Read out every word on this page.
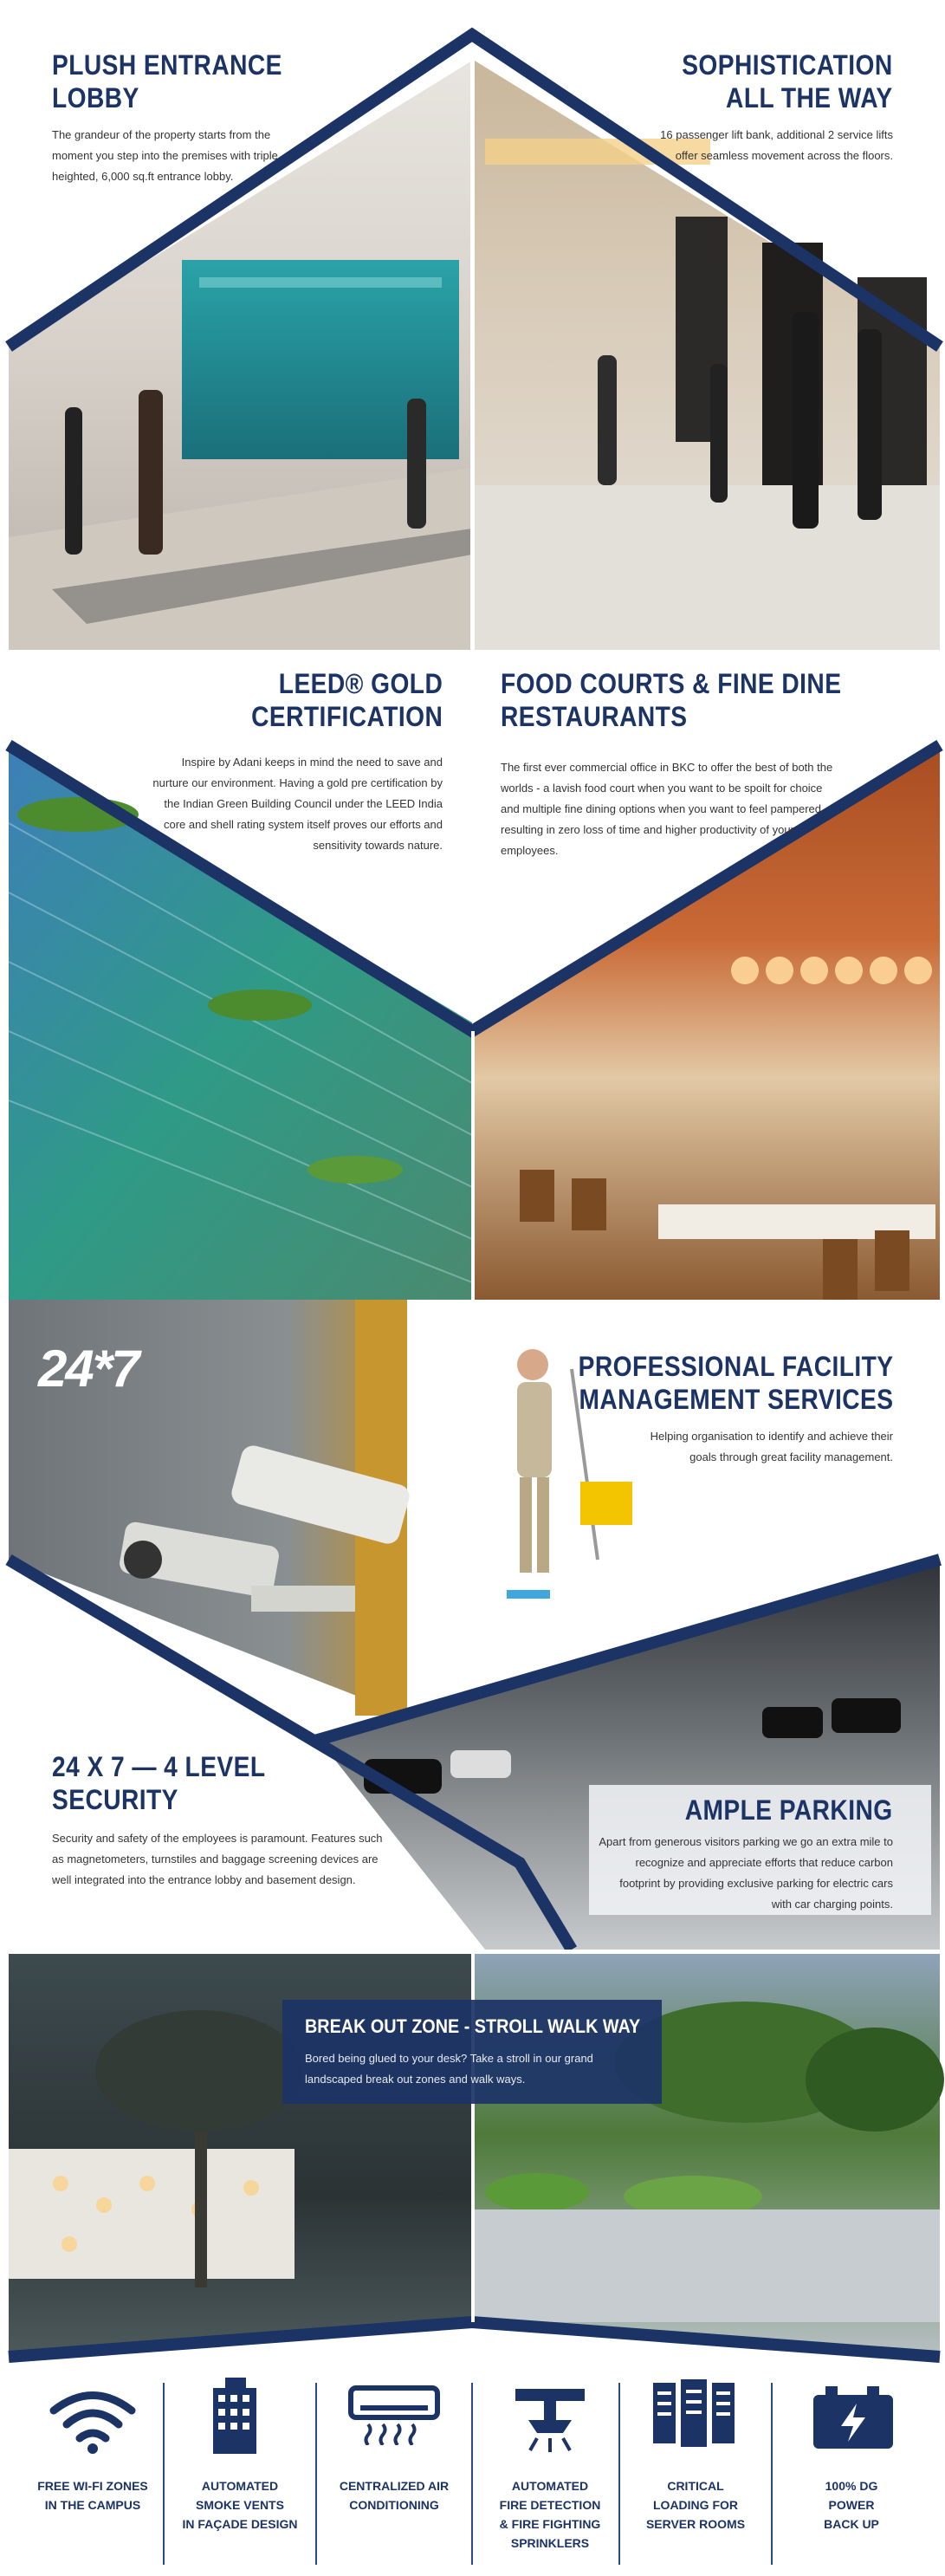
PLUSH ENTRANCE
LOBBY
The grandeur of the property starts from the moment you step into the premises with triple heighted, 6,000 sq.ft entrance lobby.
SOPHISTICATION
ALL THE WAY
16 passenger lift bank, additional 2 service lifts offer seamless movement across the floors.
LEED® GOLD
CERTIFICATION
Inspire by Adani keeps in mind the need to save and nurture our environment. Having a gold pre certification by the Indian Green Building Council under the LEED India core and shell rating system itself proves our efforts and sensitivity towards nature.
FOOD COURTS & FINE DINE
RESTAURANTS
The first ever commercial office in BKC to offer the best of both the worlds - a lavish food court when you want to be spoilt for choice and multiple fine dining options when you want to feel pampered, resulting in zero loss of time and higher productivity of your employees.
24*7	PROFESSIONAL FACILITY
MANAGEMENT SERVICES
Helping organisation to identify and achieve their goals through great facility management.
24 X 7 — 4 LEVEL
SECURITY
Security and safety of the employees is paramount. Features such as magnetometers, turnstiles and baggage screening devices are well integrated into the entrance lobby and basement design.
AMPLE PARKING
Apart from generous visitors parking we go an extra mile to recognize and appreciate efforts that reduce carbon footprint by providing exclusive parking for electric cars with car charging points.
BREAK OUT ZONE - STROLL WALK WAY
Bored being glued to your desk? Take a stroll in our grand landscaped break out zones and walk ways.
FREE WI-FI ZONES
IN THE CAMPUS
AUTOMATED
SMOKE VENTS
IN FAÇADE DESIGN
CENTRALIZED AIR
CONDITIONING
AUTOMATED
FIRE DETECTION
& FIRE FIGHTING
SPRINKLERS
CRITICAL
LOADING FOR
SERVER ROOMS
100% DG
POWER
BACK UP
